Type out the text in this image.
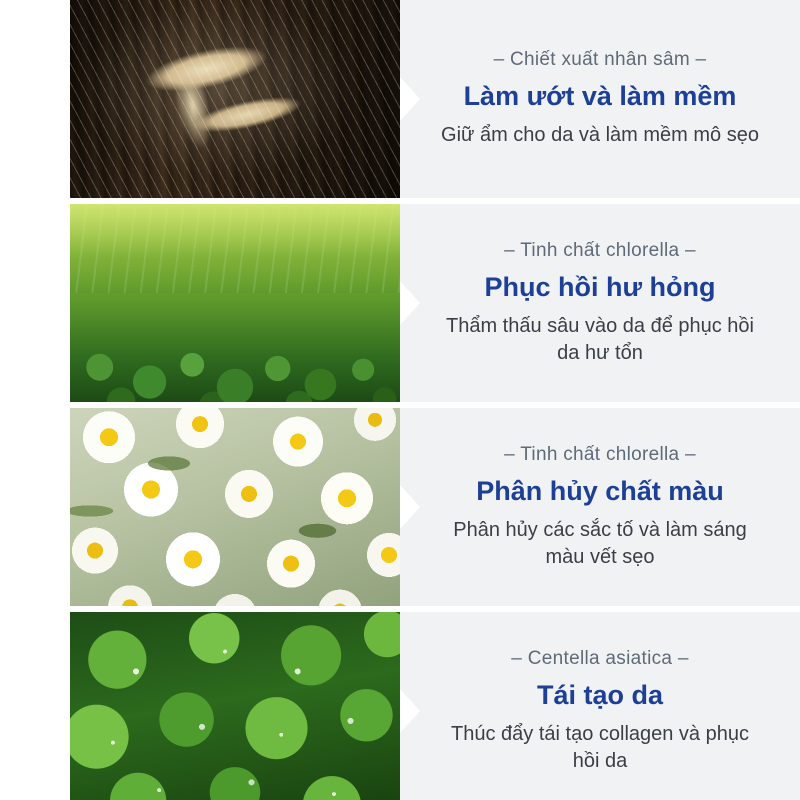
– Chiết xuất nhân sâm –
Làm ướt và làm mềm
Giữ ẩm cho da và làm mềm mô sẹo
– Tinh chất chlorella –
Phục hồi hư hỏng
Thẩm thấu sâu vào da để phục hồi da hư tổn
– Tinh chất chlorella –
Phân hủy chất màu
Phân hủy các sắc tố và làm sáng màu vết sẹo
– Centella asiatica –
Tái tạo da
Thúc đẩy tái tạo collagen và phục hồi da
